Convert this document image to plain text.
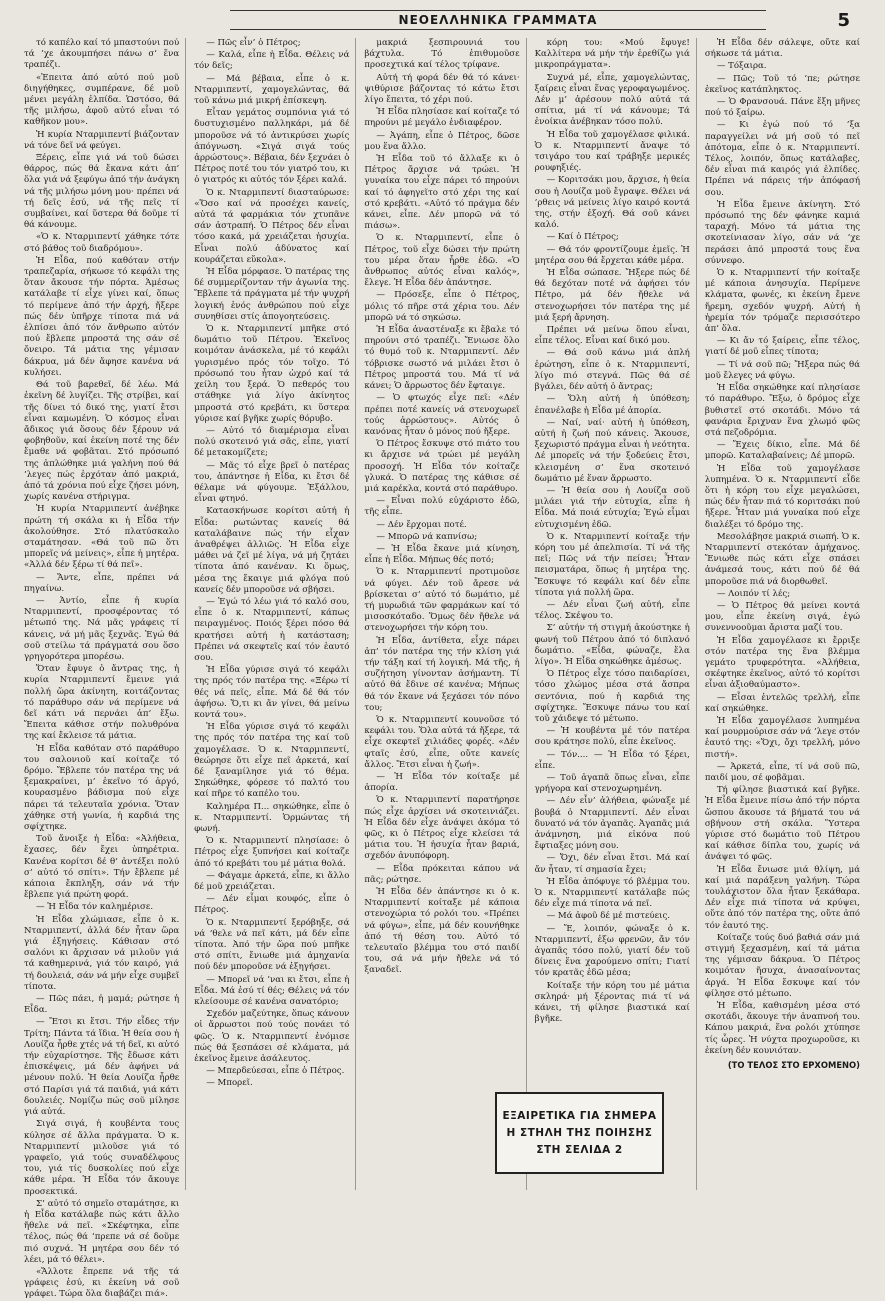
ΝΕΟΕΛΛΗΝΙΚΑ ΓΡΑΜΜΑΤΑ	5

τό καπέλο καί τό μπαστούνι πού τά ’χε ἀκουμπήσει πάνω σ’ ἕνα τραπέζι.

«Ἐπειτα ἀπό αὐτό πού μοῦ διηγήθηκες, συμπέρανε, δέ μοῦ μένει μεγάλη ἐλπίδα. Ὡστόσο, θά τῆς μιλήσω, ἀφοῦ αὐτό εἶναι τό καθῆκον μου».

Ἡ κυρία Νταρμιπεντί βιάζονταν νά τόνε δεῖ νά φεύγει.

Ξέρεις, εἶπε γιά νά τοῦ δώσει θάρρος, πώς θά ἔκανα κάτι ἀπ’ ὅλα γιά νά ξεφύγω ἀπό τήν ἀνάγκη νά τῆς μιλήσω μόνη μου· πρέπει νά τή δεῖς ἐσύ, νά τῆς πεῖς τί συμβαίνει, καί ὕστερα θά δοῦμε τί θά κάνουμε.

«Ὁ κ. Νταρμιπεντί χάθηκε τότε στό βάθος τοῦ διαδρόμου».

Ἡ Εἶδα, πού καθόταν στήν τραπεζαρία, σήκωσε τό κεφάλι της ὅταν ἄκουσε τήν πόρτα. Ἀμέσως κατάλαβε τί εἶχε γίνει καί, ὅπως τό περίμενε ἀπό τήν ἀρχή, ἤξερε πώς δέν ὑπῆρχε τίποτα πιά νά ἐλπίσει ἀπό τόν ἄνθρωπο αὐτόν πού ἔβλεπε μπροστά της σάν σέ ὄνειρο. Τά μάτια της γέμισαν δάκρυα, μά δέν ἄφησε κανένα νά κυλήσει.

Θά τοῦ βαρεθεῖ, δέ λέω. Μά ἐκεῖνη δέ λυγίζει. Τῆς στρίβει, καί τῆς δίνει τό δικό της, γιατί ἔτσι εἶναι καμωμένη. Ὁ κόσμος εἶναι ἄδικος γιά ὅσους δέν ξέρουν νά φοβηθοῦν, καί ἐκείνη ποτέ της δέν ἔμαθε νά φοβᾶται. Στό πρόσωπό της ἀπλώθηκε μιά γαλήνη πού θά ’λεγες πώς ἐρχόταν ἀπό μακριά, ἀπό τά χρόνια πού εἶχε ζήσει μόνη, χωρίς κανένα στήριγμα.

Ἡ κυρία Νταρμιπεντί ἀνέβηκε πρώτη τή σκάλα κι ἡ Εἶδα τήν ἀκολούθησε. Στό πλατύσκαλο σταμάτησαν. «Θά τοῦ πῶ ὅτι μπορεῖς νά μείνεις», εἶπε ἡ μητέρα. «Ἀλλά δέν ξέρω τί θά πεῖ».

— Ἄντε, εἶπε, πρέπει νά πηγαίνω.

— Ἀντίο, εἶπε ἡ κυρία Νταρμιπεντί, προσφέροντας τό μέτωπό της. Νά μᾶς γράφεις τί κάνεις, νά μή μᾶς ξεχνᾶς. Ἐγώ θά σοῦ στείλω τά πράγματά σου ὅσο γρηγορότερα μπορέσω.

Ὅταν ἔφυγε ὁ ἄντρας της, ἡ κυρία Νταρμιπεντί ἔμεινε γιά πολλή ὥρα ἀκίνητη, κοιτάζοντας τό παράθυρο σάν νά περίμενε νά δεῖ κάτι νά περνάει ἀπ’ ἔξω. Ἔπειτα κάθισε στήν πολυθρόνα της καί ἔκλεισε τά μάτια.

Ἡ Εἶδα καθόταν στό παράθυρο του σαλονιοῦ καί κοίταζε τό δρόμο. Ἔβλεπε τόν πατέρα της νά ξεμακραίνει, μ’ ἐκεῖνο τό ἀργό, κουρασμένο βάδισμα πού εἶχε πάρει τά τελευταῖα χρόνια. Ὅταν χάθηκε στή γωνία, ἡ καρδιά της σφίχτηκε.

Τοῦ ἄνοιξε ἡ Εἶδα: «Ἀλήθεια, ἔχασες, δέν ἔχει ὑπηρέτρια. Κανένα κορίτσι δέ θ’ ἀντέξει πολύ σ’ αὐτό τό σπίτι». Τήν ἔβλεπε μέ κάποια ἔκπληξη, σάν νά τήν ἔβλεπε γιά πρώτη φορά.

— Ἡ Εἶδα τόν καλημέρισε.

Ἡ Εἶδα χλώμιασε, εἶπε ὁ κ. Νταρμιπεντί, ἀλλά δέν ἦταν ὥρα γιά ἐξηγήσεις. Κάθισαν στό σαλόνι κι ἄρχισαν νά μιλοῦν γιά τά καθημερινά, γιά τόν καιρό, γιά τή δουλειά, σάν νά μήν εἶχε συμβεῖ τίποτα.

— Πῶς πάει, ἡ μαμά; ρώτησε ἡ Εἶδα.

— Ἔτσι κι ἔτσι. Τήν εἶδες τήν Τρίτη; Πάντα τά ἴδια. Ἡ θεία σου ἡ Λουίζα ἦρθε χτές νά τή δεῖ, κι αὐτό τήν εὐχαρίστησε. Τῆς ἔδωσε κάτι ἐπισκέψεις, μά δέν ἀφήνει νά μένουν πολύ. Ἡ θεία Λουίζα ἦρθε στό Παρίσι γιά τά παιδιά, γιά κάτι δουλειές. Νομίζω πώς σοῦ μίλησε γιά αὐτά.

Σιγά σιγά, ἡ κουβέντα τους κύλησε σέ ἄλλα πράγματα. Ὁ κ. Νταρμιπεντί μιλοῦσε γιά τό γραφεῖο, γιά τούς συναδέλφους του, γιά τίς δυσκολίες πού εἶχε κάθε μέρα. Ἡ Εἶδα τόν ἄκουγε προσεκτικά.

Σ’ αὐτό τό σημεῖο σταμάτησε, κι ἡ Εἶδα κατάλαβε πώς κάτι ἄλλο ἤθελε νά πεῖ. «Σκέφτηκα, εἶπε τέλος, πώς θά ’πρεπε νά σέ δοῦμε πιό συχνά. Ἡ μητέρα σου δέν τό λέει, μά τό θέλει».

«Ἄλλοτε ἔπρεπε νά τῆς τά γράφεις ἐσύ, κι ἐκείνη νά σοῦ γράφει. Τώρα ὅλα διαβάζει πιά».

— Πῶς εἶν’ ὁ Πέτρος;

— Καλά, εἶπε ἡ Εἶδα. Θέλεις νά τόν δεῖς;

— Μά βέβαια, εἶπε ὁ κ. Νταρμιπεντί, χαμογελώντας, θά τοῦ κάνω μιά μικρή ἐπίσκεψη.

Εἶταν γεμάτος συμπόνια γιά τό δυστυχισμένο παλληκάρι, μά δέ μποροῦσε νά τό ἀντικρύσει χωρίς ἀπόγνωση. «Σιγά σιγά τούς ἀρρώστους». Βέβαια, δέν ξεχνάει ὁ Πέτρος ποτέ του τόν γιατρό του, κι ὁ γιατρός κι αὐτός τόν ξέρει καλά.

Ὁ κ. Νταρμιπεντί διασταύρωσε: «Ὅσο καί νά προσέχει κανείς, αὐτά τά φαρμάκια τόν χτυπᾶνε σάν ἀστραπή. Ὁ Πέτρος δέν εἶναι τόσο κακά, μά χρειάζεται ἡσυχία. Εἶναι πολύ ἀδύνατος καί κουράζεται εὔκολα».

Ἡ Εἶδα μόρφασε. Ὁ πατέρας της δέ συμμερίζονταν τήν ἀγωνία της. Ἔβλεπε τά πράγματα μέ τήν ψυχρή λογική ἑνός ἀνθρώπου πού εἶχε συνηθίσει στίς ἀπογοητεύσεις.

Ὁ κ. Νταρμιπεντί μπῆκε στό δωμάτιο τοῦ Πέτρου. Ἐκεῖνος κοιμόταν ἀνάσκελα, μέ τό κεφάλι γυρισμένο πρός τόν τοῖχο. Τό πρόσωπό του ἦταν ὠχρό καί τά χείλη του ξερά. Ὁ πεθερός του στάθηκε γιά λίγο ἀκίνητος μπροστά στό κρεβάτι, κι ὕστερα γύρισε καί βγῆκε χωρίς θόρυβο.

— Αὐτό τό διαμέρισμα εἶναι πολύ σκοτεινό γιά σᾶς, εἶπε, γιατί δέ μετακομίζετε;

— Μᾶς τό εἶχε βρεῖ ὁ πατέρας του, ἀπάντησε ἡ Εἶδα, κι ἔτσι δέ θέλαμε νά φύγουμε. Ἐξάλλου, εἶναι φτηνό.

Κατασκήνωσε κορίτσι αὐτή ἡ Εἶδα: ρωτώντας κανείς θά καταλάβαινε πώς τήν εἶχαν ἀναθρέψει ἀλλιῶς. Ἡ Εἶδα εἶχε μάθει νά ζεῖ μέ λίγα, νά μή ζητάει τίποτα ἀπό κανέναν. Κι ὅμως, μέσα της ἔκαιγε μιά φλόγα πού κανείς δέν μποροῦσε νά σβήσει.

— Ἐγώ τό λέω γιά τό καλό σου, εἶπε ὁ κ. Νταρμιπεντί, κάπως πειραγμένος. Ποιός ξέρει πόσο θά κρατήσει αὐτή ἡ κατάσταση; Πρέπει νά σκεφτεῖς καί τόν ἑαυτό σου.

Ἡ Εἶδα γύρισε σιγά τό κεφάλι της πρός τόν πατέρα της. «Ξέρω τί θές νά πεῖς, εἶπε. Μά δέ θά τόν ἀφήσω. Ὅ,τι κι ἄν γίνει, θά μείνω κοντά του».

Ἡ Εἶδα γύρισε σιγά τό κεφάλι της πρός τόν πατέρα της καί τοῦ χαμογέλασε. Ὁ κ. Νταρμιπεντί, θεώρησε ὅτι εἶχε πεῖ ἀρκετά, καί δέ ξαναμίλησε γιά τό θέμα. Σηκώθηκε, φόρεσε τό παλτό του καί πῆρε τό καπέλο του.

Καλημέρα Π... σηκώθηκε, εἶπε ὁ κ. Νταρμιπεντί. Ὁρμώντας τή φωνή.

Ὁ κ. Νταρμιπεντί πλησίασε: ὁ Πέτρος εἶχε ξυπνήσει καί κοίταζε ἀπό τό κρεβάτι του μέ μάτια θολά.

— Φάγαμε ἀρκετά, εἶπε, κι ἄλλο δέ μοῦ χρειάζεται.

— Δέν εἶμαι κουφός, εἶπε ὁ Πέτρος.

Ὁ κ. Νταρμιπεντί ξερόβηξε, σά νά ’θελε νά πεῖ κάτι, μά δέν εἶπε τίποτα. Ἀπό τήν ὥρα πού μπῆκε στό σπίτι, ἔνιωθε μιά ἀμηχανία πού δέν μποροῦσε νά ἐξηγήσει.

— Μπορεῖ νά ’ναι κι ἔτσι, εἶπε ἡ Εἶδα. Μά ἐσύ τί θές; Θέλεις νά τόν κλείσουμε σέ κανένα σανατόριο;

Σχεδόν μαζεύτηκε, ὅπως κάνουν οἱ ἄρρωστοι πού τούς πονάει τό φῶς. Ὁ κ. Νταρμιπεντί ἐνόμισε πώς θά ξεσπάσει σέ κλάματα, μά ἐκεῖνος ἔμεινε ἀσάλευτος.

— Μπερδεύεσαι, εἶπε ὁ Πέτρος.

— Μπορεῖ.

μακριά ξεσπιρουνιά του βάχτυλα. Τό ἐπιθυμοῦσε προσεχτικά καί τέλος τρίφανε.

Αὐτή τή φορά δέν θά τό κάνει· ψιθύρισε βάζοντας τό κάτω ἔτσι λίγο ἔπειτα, τό χέρι πού.

Ἡ Εἶδα πλησίασε καί κοίταζε τό πηρούνι μέ μεγάλο ἐνδιαφέρον.

— Ἀγάπη, εἶπε ὁ Πέτρος, δῶσε μου ἕνα ἄλλο.

Ἡ Εἶδα τοῦ τό ἄλλαξε κι ὁ Πέτρος ἄρχισε νά τρώει. Ἡ γυναίκα του εἶχε πάρει τό πηρούνι καί τό ἀφηγεῖτο στό χέρι της καί στό κρεβάτι. «Αὐτό τό πράγμα δέν κάνει, εἶπε. Δέν μπορῶ νά τό πιάσω».

Ὁ κ. Νταρμιπεντί, εἶπε ὁ Πέτρος, τοῦ εἶχε δώσει τήν πρώτη του μέρα ὅταν ἦρθε ἐδῶ. «Ὁ ἄνθρωπος αὐτός εἶναι καλός», ἔλεγε. Ἡ Εἶδα δέν ἀπάντησε.

— Πρόσεξε, εἶπε ὁ Πέτρος, μόλις τό πῆρε στά χέρια του. Δέν μπορῶ νά τό σηκώσω.

Ἡ Εἶδα ἀναστέναξε κι ἔβαλε τό πηρούνι στό τραπέζι. Ἔνιωσε ὅλο τό θυμό τοῦ κ. Νταρμιπεντί. Δέν τόβρισκε σωστό νά μιλάει ἔτσι ὁ Πέτρος μπροστά του. Μά τί νά κάνει; Ὁ ἄρρωστος δέν ἔφταιγε.

— Ὁ φτωχός εἶχε πεῖ: «Δέν πρέπει ποτέ κανείς νά στενοχωρεῖ τούς ἀρρώστους». Αὐτός ὁ κανόνας ἦταν ὁ μόνος πού ἤξερε.

Ὁ Πέτρος ἔσκυψε στό πιάτο του κι ἄρχισε νά τρώει μέ μεγάλη προσοχή. Ἡ Εἶδα τόν κοίταζε γλυκά. Ὁ πατέρας της κάθισε σέ μιά καρέκλα, κοντά στό παράθυρο.

— Εἶναι πολύ εὐχάριστο ἐδῶ, τῆς εἶπε.

— Δέν ἔρχομαι ποτέ.

— Μπορῶ νά καπνίσω;

— Ἡ Εἶδα ἔκανε μιά κίνηση, εἶπε ἡ Εἶδα. Μήπως θές ποτό;

Ὁ κ. Νταρμιπεντί προτιμοῦσε νά φύγει. Δέν τοῦ ἄρεσε νά βρίσκεται σ’ αὐτό τό δωμάτιο, μέ τή μυρωδιά τῶν φαρμάκων καί τό μισοσκόταδο. Ὅμως δέν ἤθελε νά στενοχωρήσει τήν κόρη του.

Ἡ Εἶδα, ἀντίθετα, εἶχε πάρει ἀπ’ τόν πατέρα της τήν κλίση γιά τήν τάξη καί τή λογική. Μά τῆς, ἡ συζήτηση γίνονταν ἀσήμαντη. Τί αὐτό θά ἔδινε σέ κανένα; Μήπως θά τόν ἔκανε νά ξεχάσει τόν πόνο του;

Ὁ κ. Νταρμιπεντί κουνοῦσε τό κεφάλι του. Ὅλα αὐτά τά ἤξερε, τά εἶχε σκεφτεῖ χιλιάδες φορές. «Δέν φταῖς ἐσύ, εἶπε, οὔτε κανείς ἄλλος. Ἔτσι εἶναι ἡ ζωή».

— Ἡ Εἶδα τόν κοίταξε μέ ἀπορία.

Ὁ κ. Νταρμιπεντί παρατήρησε πώς εἶχε ἀρχίσει νά σκοτεινιάζει. Ἡ Εἶδα δέν εἶχε ἀνάψει ἀκόμα τό φῶς, κι ὁ Πέτρος εἶχε κλείσει τά μάτια του. Ἡ ἡσυχία ἦταν βαριά, σχεδόν ἀνυπόφορη.

— Εἶδα πρόκειται κάπου νά πᾶς; ρώτησε.

Ἡ Εἶδα δέν ἀπάντησε κι ὁ κ. Νταρμιπεντί κοίταξε μέ κάποια στενοχώρια τό ρολόι του. «Πρέπει νά φύγω», εἶπε, μά δέν κουνήθηκε ἀπό τή θέση του. Αὐτό τό τελευταῖο βλέμμα του στό παιδί του, σά νά μήν ἤθελε νά τό ξαναδεῖ.

κόρη του: «Μού ἔφυγε! Καλλίτερα νά μήν τήν ἐρεθίζω γιά μικροπράγματα».

Συχνά μέ, εἶπε, χαμογελώντας, ξαίρεις εἶναι ἕνας γεροφαγωμένος. Δέν μ’ ἀρέσουν πολύ αὐτά τά σπίτια, μά τί νά κάνουμε; Τά ἐνοίκια ἀνέβηκαν τόσο πολύ.

Ἡ Εἶδα τοῦ χαμογέλασε φιλικά. Ὁ κ. Νταρμιπεντί ἄναψε τό τσιγάρο του καί τράβηξε μερικές ρουφηξιές.

— Κοριτσάκι μου, ἄρχισε, ἡ θεία σου ἡ Λουίζα μοῦ ἔγραψε. Θέλει νά ’ρθεις νά μείνεις λίγο καιρό κοντά της, στήν ἐξοχή. Θά σοῦ κάνει καλό.

— Καί ὁ Πέτρος;

— Θά τόν φροντίζουμε ἐμεῖς. Ἡ μητέρα σου θά ἔρχεται κάθε μέρα.

Ἡ Εἶδα σώπασε. Ἤξερε πώς δέ θά δεχόταν ποτέ νά ἀφήσει τόν Πέτρο, μά δέν ἤθελε νά στενοχωρήσει τόν πατέρα της μέ μιά ξερή ἄρνηση.

Πρέπει νά μείνω ὅπου εἶναι, εἶπε τέλος. Εἶναι καί δικό μου.

— Θά σοῦ κάνω μιά ἁπλή ἐρώτηση, εἶπε ὁ κ. Νταρμιπεντί, λίγο πιό στεγνά. Πῶς θά σέ βγάλει, δέν αὐτή ὁ ἄντρας;

— Ὅλη αὐτή ἡ ὑπόθεση; ἐπανέλαβε ἡ Εἶδα μέ ἀπορία.

— Ναί, ναί· αὐτή ἡ ὑπόθεση, αὐτή ἡ ζωή πού κάνεις. Ἄκουσε, ξεχωριστό πράγμα εἶναι ἡ νεότητα. Δέ μπορεῖς νά τήν ξοδεύεις ἔτσι, κλεισμένη σ’ ἕνα σκοτεινό δωμάτιο μέ ἕναν ἄρρωστο.

— Ἡ θεία σου ἡ Λουίζα σοῦ μιλάει γιά τήν εὐτυχία, εἶπε ἡ Εἶδα. Μά ποιά εὐτυχία; Ἐγώ εἶμαι εὐτυχισμένη ἐδῶ.

Ὁ κ. Νταρμιπεντί κοίταξε τήν κόρη του μέ ἀπελπισία. Τί νά τῆς πεῖ; Πῶς νά τήν πείσει; Ἦταν πεισματάρα, ὅπως ἡ μητέρα της. Ἔσκυψε τό κεφάλι καί δέν εἶπε τίποτα γιά πολλή ὥρα.

— Δέν εἶναι ζωή αὐτή, εἶπε τέλος. Σκέψου το.

Σ’ αὐτήν τή στιγμή ἀκούστηκε ἡ φωνή τοῦ Πέτρου ἀπό τό διπλανό δωμάτιο. «Εἶδα, φώναζε, ἔλα λίγο». Ἡ Εἶδα σηκώθηκε ἀμέσως.

Ὁ Πέτρος εἶχε τόσο παιδαρίσει, τόσο χλώμος μέσα στά ἄσπρα σεντόνια, πού ἡ καρδιά της σφίχτηκε. Ἔσκυψε πάνω του καί τοῦ χάιδεψε τό μέτωπο.

— Ἡ κουβέντα μέ τόν πατέρα σου κράτησε πολύ, εἶπε ἐκεῖνος.

— Τόν.... — Ἡ Εἶδα τό ξέρει, εἶπε.

— Τοῦ ἀγαπᾶ ὅπως εἶναι, εἶπε γρήγορα καί στενοχωρημένη.

— Δέν εἶν’ ἀλήθεια, φώναξε μέ βουβά ὁ Νταρμιπεντί. Δέν εἶναι δυνατό νά τόν ἀγαπᾶς. Ἀγαπᾶς μιά ἀνάμνηση, μιά εἰκόνα πού ἔφτιαξες μόνη σου.

— Ὄχι, δέν εἶναι ἔτσι. Μά καί ἄν ἦταν, τί σημασία ἔχει;

Ἡ Εἶδα ἀπόφυγε τό βλέμμα του. Ὁ κ. Νταρμιπεντί κατάλαβε πώς δέν εἶχε πιά τίποτα νά πεῖ.

— Μά ἀφοῦ δέ μέ πιστεύεις.

— Ἔ, λοιπόν, φώναξε ὁ κ. Νταρμιπεντί, ἐξω φρενῶν, ἄν τόν ἀγαπᾶς τόσο πολύ, γιατί δέν τοῦ δίνεις ἕνα χαρούμενο σπίτι; Γιατί τόν κρατᾶς ἐδῶ μέσα;

Κοίταξε τήν κόρη του μέ μάτια σκληρά· μή ξέροντας πιά τί νά κάνει, τή φίλησε βιαστικά καί βγῆκε.

Ἡ Εἶδα δέν σάλεψε, οὔτε καί σήκωσε τά μάτια.

— Τόξαιρα.

— Πῶς; Τοῦ τό ’πε; ρώτησε ἐκεῖνος κατάπληκτος.

— Ὁ Φρανσουά. Πάνε ἕξη μῆνες πού τό ξαίρω.

— Κι ἐγώ πού τό ’ξα παραγγείλει νά μή σοῦ τό πεῖ ἀπότομα, εἶπε ὁ κ. Νταρμιπεντί. Τέλος, λοιπόν, ὅπως κατάλαβες, δέν εἶναι πιά καιρός γιά ἐλπίδες. Πρέπει νά πάρεις τήν ἀπόφασή σου.

Ἡ Εἶδα ἔμεινε ἀκίνητη. Στό πρόσωπό της δέν φάνηκε καμιά ταραχή. Μόνο τά μάτια της σκοτείνιασαν λίγο, σάν νά ’χε περάσει ἀπό μπροστά τους ἕνα σύννεφο.

Ὁ κ. Νταρμιπεντί τήν κοίταξε μέ κάποια ἀνησυχία. Περίμενε κλάματα, φωνές, κι ἐκείνη ἔμενε ἤρεμη, σχεδόν ψυχρή. Αὐτή ἡ ἠρεμία τόν τρόμαζε περισσότερο ἀπ’ ὅλα.

— Κι ἄν τό ξαίρεις, εἶπε τέλος, γιατί δέ μοῦ εἶπες τίποτα;

— Τί νά σοῦ πῶ; Ἤξερα πώς θά μοῦ ἔλεγες νά φύγω.

Ἡ Εἶδα σηκώθηκε καί πλησίασε τό παράθυρο. Ἔξω, ὁ δρόμος εἶχε βυθιστεῖ στό σκοτάδι. Μόνο τά φανάρια ἔριχναν ἕνα χλωμό φῶς στά πεζοδρόμια.

— Ἔχεις δίκιο, εἶπε. Μά δέ μπορῶ. Καταλαβαίνεις; Δέ μπορῶ.

Ἡ Εἶδα τοῦ χαμογέλασε λυπημένα. Ὁ κ. Νταρμιπεντί εἶδε ὅτι ἡ κόρη του εἶχε μεγαλώσει, πώς δέν ἦταν πιά τό κοριτσάκι πού ἤξερε. Ἦταν μιά γυναίκα πού εἶχε διαλέξει τό δρόμο της.

Μεσολάβησε μακριά σιωπή. Ὁ κ. Νταρμιπεντί στεκόταν ἀμήχανος. Ἔνιωθε πώς κάτι εἶχε σπάσει ἀνάμεσά τους, κάτι πού δέ θά μποροῦσε πιά νά διορθωθεῖ.

— Λοιπόν τί λές;

— Ὁ Πέτρος θά μείνει κοντά μου, εἶπε ἐκείνη σιγά, ἐγώ συνεννοοῦμαι ἄριστα μαζί του.

Ἡ Εἶδα χαμογέλασε κι ἔρριξε στόν πατέρα της ἕνα βλέμμα γεμάτο τρυφερότητα. «Ἀλήθεια, σκέφτηκε ἐκεῖνος, αὐτό τό κορίτσι εἶναι ἀξιοθαύμαστο».

— Εἶσαι ἐντελῶς τρελλή, εἶπε καί σηκώθηκε.

Ἡ Εἶδα χαμογέλασε λυπημένα καί μουρμούρισε σάν νά ’λεγε στόν ἑαυτό της: «Ὅχι, ὄχι τρελλή, μόνο πιστή».

— Ἀρκετά, εἶπε, τί νά σοῦ πῶ, παιδί μου, σέ φοβᾶμαι.

Τή φίλησε βιαστικά καί βγῆκε. Ἡ Εἶδα ἔμεινε πίσω ἀπό τήν πόρτα ὥσπου ἄκουσε τά βήματά του νά σβήνουν στή σκάλα. Ὕστερα γύρισε στό δωμάτιο τοῦ Πέτρου καί κάθισε δίπλα του, χωρίς νά ἀνάψει τό φῶς.

Ἡ Εἶδα ἔνιωσε μιά θλίψη, μά καί μιά παράξενη γαλήνη. Τώρα τουλάχιστον ὅλα ἦταν ξεκάθαρα. Δέν εἶχε πιά τίποτα νά κρύψει, οὔτε ἀπό τόν πατέρα της, οὔτε ἀπό τόν ἑαυτό της.

Κοίταζε τούς δυό βαθιά σάν μιά στιγμή ξεχασμένη, καί τά μάτια της γέμισαν δάκρυα. Ὁ Πέτρος κοιμόταν ἥσυχα, ἀνασαίνοντας ἀργά. Ἡ Εἶδα ἔσκυψε καί τόν φίλησε στό μέτωπο.

Ἡ Εἶδα, καθισμένη μέσα στό σκοτάδι, ἄκουγε τήν ἀναπνοή του. Κάπου μακριά, ἕνα ρολόι χτύπησε τίς ὧρες. Ἡ νύχτα προχωροῦσε, κι ἐκείνη δέν κουνιόταν.

(ΤΟ ΤΕΛΟΣ ΣΤΟ ΕΡΧΟΜΕΝΟ)
ΕΞΑΙΡΕΤΙΚΑ ΓΙΑ ΣΗΜΕΡΑ
Η ΣΤΗΛΗ ΤΗΣ ΠΟΙΗΣΗΣ
ΣΤΗ ΣΕΛΙΔΑ 2
